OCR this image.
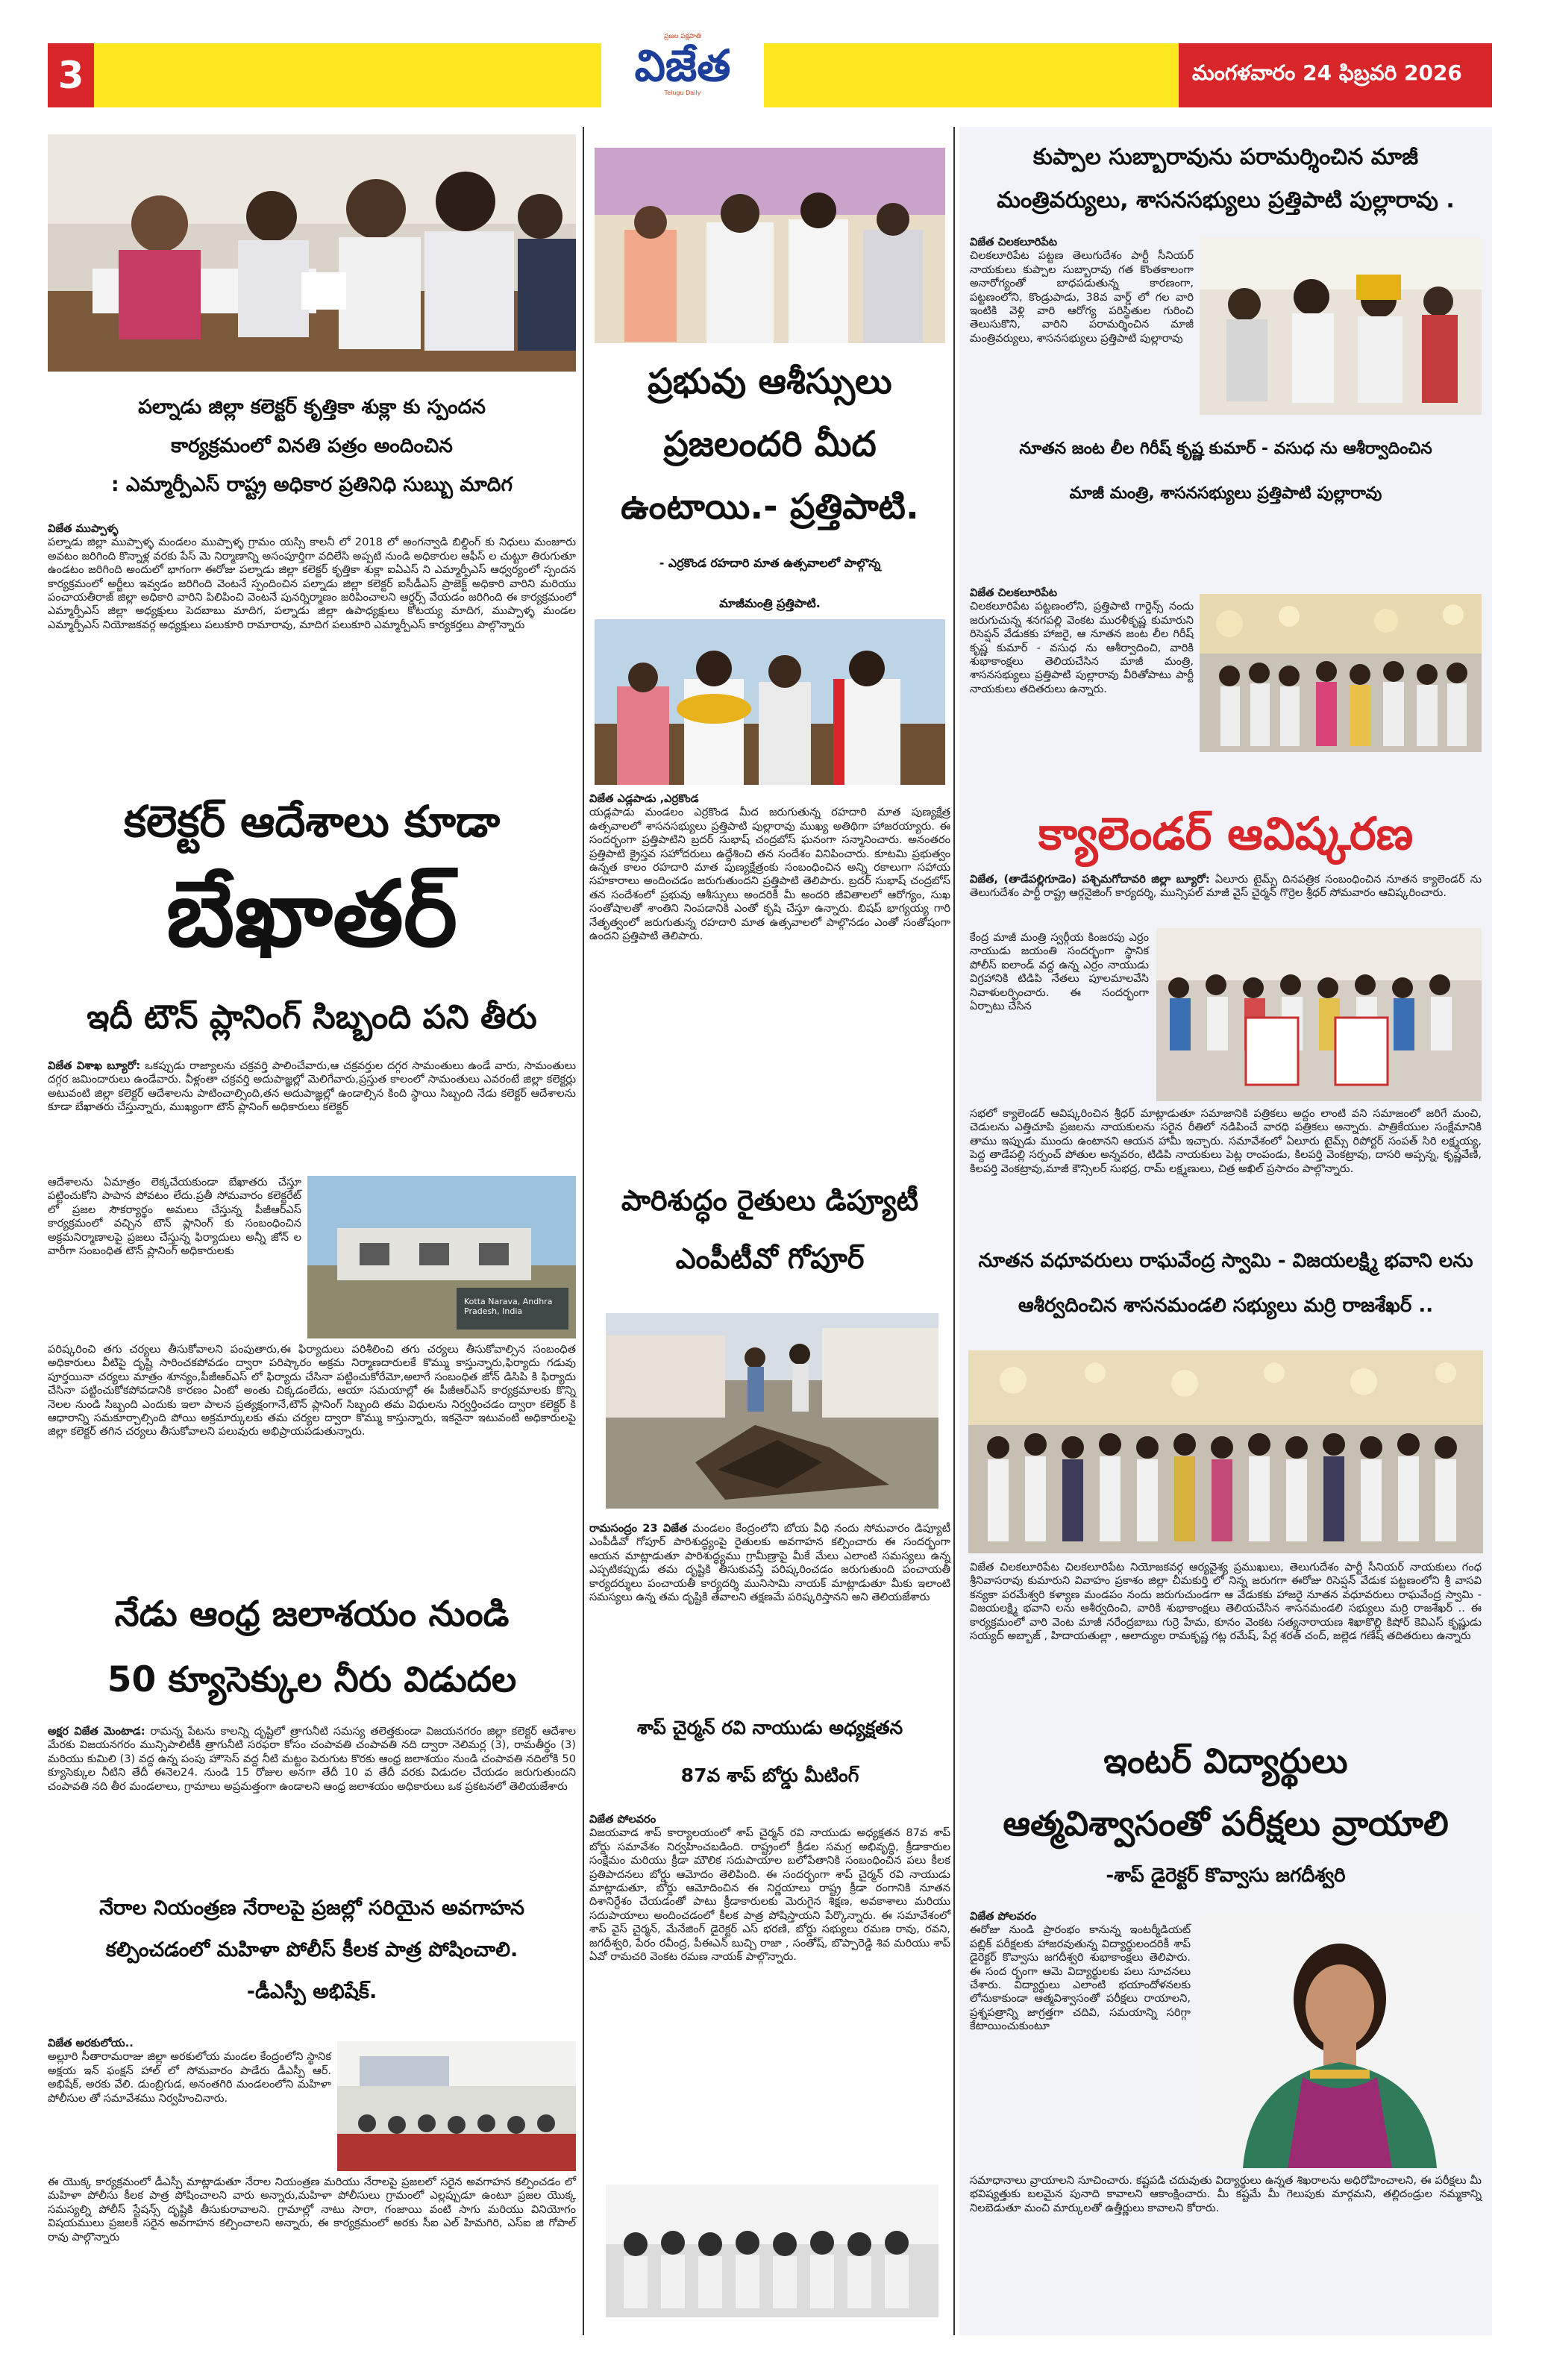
3
ప్రజల పక్షపాతి
విజేత
Telugu Daily
మంగళవారం 24 ఫిబ్రవరి 2026
పల్నాడు జిల్లా కలెక్టర్ కృత్తికా శుక్లా కు స్పందన
కార్యక్రమంలో వినతి పత్రం అందించిన
: ఎమ్మార్పీఎస్ రాష్ట్ర అధికార ప్రతినిధి సుబ్బు మాదిగ
విజేత ముప్పాళ్ళ
పల్నాడు జిల్లా ముప్పాళ్ళ మండలం ముప్పాళ్ళ గ్రామం యస్సి కాలనీ లో 2018 లో అంగన్వాడి బిల్డింగ్ కు నిధులు మంజూరు అవటం జరిగింది కొన్నాళ్ల వరకు పేస్ మె నిర్మాణాన్ని అసంపూర్తిగా వదిలేసి అప్పటి నుండి అధికారుల ఆఫీస్ ల చుట్టూ తిరుగుతూ ఉండటం జరిగింది అందులో భాగంగా ఈరోజు పల్నాడు జిల్లా కలెక్టర్ కృత్తికా శుక్లా ఐఏఎస్ ని ఎమ్మార్పీఎస్ ఆధ్వర్యంలో స్పందన కార్యక్రమంలో అర్జీలు ఇవ్వడం జరిగింది వెంటనే స్పందించిన పల్నాడు జిల్లా కలెక్టర్ ఐసీడీఎస్ ప్రాజెక్ట్ అధికారి వారిని మరియు పంచాయతీరాజ్ జిల్లా అధికారి వారిని పిలిపించి వెంటనే పునర్నిర్మాణం జరిపించాలని ఆర్డర్స్ వేయడం జరిగింది ఈ కార్యక్రమంలో ఎమ్మార్పీఎస్ జిల్లా అధ్యక్షులు పెదబాబు మాదిగ, పల్నాడు జిల్లా ఉపాధ్యక్షులు కోటయ్య మాదిగ, ముప్పాళ్ళ మండల ఎమ్మార్పీఎస్ నియోజకవర్గ అధ్యక్షులు పలుకూరి రామారావు, మాదిగ పలుకూరి ఎమ్మార్పీఎస్ కార్యకర్తలు పాల్గొన్నారు
కలెక్టర్ ఆదేశాలు కూడా
బేఖాతర్
ఇదీ టౌన్ ప్లానింగ్ సిబ్బంది పని తీరు
విజేత విశాఖ బ్యూరో: ఒకప్పుడు రాజ్యాలను చక్రవర్తి పాలించేవారు,ఆ చక్రవర్తుల దగ్గర సామంతులు ఉండే వారు, సామంతులు దగ్గర జమిందారులు ఉండేవారు. వీళ్లంతా చక్రవర్తి అదుపాజ్ఞల్లో మెలిగేవారు,ప్రస్తుత కాలంలో సామంతులు ఎవరంటే జిల్లా కలెక్టర్లు అటువంటి జిల్లా కలెక్టర్ ఆదేశాలను పాటించాల్సింది,తన అదుపాజ్ఞల్లో ఉండాల్సిన కింది స్థాయి సిబ్బంది నేడు కలెక్టర్ ఆదేశాలను కూడా బేఖాతరు చేస్తున్నారు, ముఖ్యంగా టౌన్ ప్లానింగ్ అధికారులు కలెక్టర్
ఆదేశాలను ఏమాత్రం లెక్కచేయకుండా బేఖాతరు చేస్తూ పట్టించుకోని పాపాన పోవటం లేదు.ప్రతీ సోమవారం కలెక్టరేట్ లో ప్రజల సౌకర్యార్థం అమలు చేస్తున్న పీజీఆర్ఎస్ కార్యక్రమంలో వచ్చిన టౌన్ ప్లానింగ్ కు సంబంధించిన అక్రమనిర్మాణాలపై ప్రజలు చేస్తున్న ఫిర్యాదులు అన్నీ జోన్ ల వారీగా సంబంధిత టౌన్ ప్లానింగ్ అధికారులకు
Kotta Narava, Andhra Pradesh, India
పరిష్కరించి తగు చర్యలు తీసుకోవాలని పంపుతారు,ఈ ఫిర్యాదులు పరిశీలించి తగు చర్యలు తీసుకోవాల్సిన సంబంధిత అధికారులు వీటిపై దృష్టి సారించకపోవడం ద్వారా పరిష్కారం అక్రమ నిర్మాణదారులకే కొమ్ము కాస్తున్నారు,ఫిర్యాదు గడువు పూర్తయినా చర్యలు మాత్రం శూన్యం,పీజీఆర్ఎస్ లో ఫిర్యాదు చేసినా పట్టించుకోరేమో,అలాగే సంబంధిత జోన్ డిసిపి కి ఫిర్యాదు చేసినా పట్టించుకోకపోవడానికి కారణం ఏంటో అంతు చిక్కడంలేదు, ఆయా సమయాల్లో ఈ పీజీఆర్ఎస్ కార్యక్రమాలకు కొన్ని నెలల నుండి సిబ్బంది ఎందుకు ఇలా పాలన ప్రత్యక్షంగానే,టౌన్ ప్లానింగ్ సిబ్బంది తమ విధులను నిర్వర్తించడం ద్వారా కలెక్టర్ కి ఆధారాన్ని సమకూర్చాల్సింది పోయి అక్రమార్కులకు తమ చర్యల ద్వారా కొమ్ము కాస్తున్నారు, ఇకనైనా ఇటువంటి అధికారులపై జిల్లా కలెక్టర్ తగిన చర్యలు తీసుకోవాలని పలువురు అభిప్రాయపడుతున్నారు.
నేడు ఆంధ్ర జలాశయం నుండి
50 క్యూసెక్కుల నీరు విడుదల
అక్షర విజేత మెంటాడ: రామన్న పేటను కాలన్ని దృష్టిలో త్రాగునీటి సమస్య తలెత్తకుండా విజయనగరం జిల్లా కలెక్టర్ ఆదేశాల మేరకు విజయనగరం మున్సిపాలిటీకి త్రాగునీటి సరఫరా కోసం చంపావతి చంపావతి నది ద్వారా నెలిమర్ల (3), రామతీర్థం (3) మరియు కుమిలి (3) వద్ద ఉన్న పంపు హౌసెస్ వద్ద నీటి మట్టం పెరుగుట కొరకు ఆంధ్ర జలాశయం నుండి చంపావతి నదిలోకి 50 క్యూసెక్కుల నీటిని తేదీ ఈనెల24. నుండి 15 రోజుల అనగా తేదీ 10 వ తేదీ వరకు విడుదల చేయడం జరుగుతుందని చంపావతి నది తీర మండలాలు, గ్రామాలు అప్రమత్తంగా ఉండాలని ఆంధ్ర జలాశయం అధికారులు ఒక ప్రకటనలో తెలియజేశారు
నేరాల నియంత్రణ నేరాలపై ప్రజల్లో సరియైన అవగాహన
కల్పించడంలో మహిళా పోలీస్ కీలక పాత్ర పోషించాలి.
-డీఎస్పీ అభిషేక్.
విజేత అరకులోయ..
అల్లూరి సీతారామరాజు జిల్లా అరకులోయ మండల కేంద్రంలోని స్థానిక అక్షయ ఇన్ ఫంక్షన్ హాల్ లో సోమవారం పాడేరు డీఎస్పీ ఆర్. అభిషేక్, అరకు వేలి. డుంబ్రిగుడ, అనంతగిరి మండలంలోని మహిళా పోలీసుల తో సమావేశము నిర్వహించినారు.
ఈ యొక్క కార్యక్రమంలో డీఎస్పీ మాట్లాడుతూ నేరాల నియంత్రణ మరియు నేరాలపై ప్రజలలో సరైన అవగాహన కల్పించడం లో మహిళా పోలీసు కీలక పాత్ర పోషించాలని వారు అన్నారు,మహిళా పోలీసులు గ్రామంలో ఎల్లప్పుడూ ఉంటూ ప్రజల యొక్క సమస్యల్ని పోలీస్ స్టేషన్స్ దృష్టికి తీసుకురావాలని. గ్రామాల్లో నాటు సారా, గంజాయి వంటి సాగు మరియు వినియోగం విషయములు ప్రజలకి సరైన అవగాహన కల్పించాలని అన్నారు, ఈ కార్యక్రమంలో అరకు సీఐ ఎల్ హిమగిరి, ఎస్ఐ జి గోపాల్ రావు పాల్గొన్నారు
ప్రభువు ఆశీస్సులు
ప్రజలందరి మీద
ఉంటాయి.- ప్రత్తిపాటి.
- ఎర్రకొండ రహదారి మాత ఉత్సవాలలో పాల్గొన్న
మాజీమంత్రి ప్రత్తిపాటి.
విజేత ఎడ్లపాడు ,ఎర్రకొండ
యడ్లపాడు మండలం ఎర్రకొండ మీద జరుగుతున్న రహదారి మాత పుణ్యక్షేత్ర ఉత్సవాలలో శాసనసభ్యులు ప్రత్తిపాటి పుల్లారావు ముఖ్య అతిథిగా హాజరయ్యారు. ఈ సందర్భంగా ప్రత్తిపాటిని బ్రదర్ సుభాష్ చంద్రబోస్ ఘనంగా సన్మానించారు. అనంతరం ప్రత్తిపాటి క్రైస్తవ సహోదరులు ఉద్దేశించి తన సందేశం వినిపించారు. కూటమి ప్రభుత్వం ఉన్నత కాలం రహదారి మాత పుణ్యక్షేత్రంకు సంబంధించిన అన్ని రకాలుగా సహాయ సహకారాలు అందించడం జరుగుతుందని ప్రత్తిపాటి తెలిపారు. బ్రదర్ సుభాష్ చంద్రబోస్ తన సందేశంలో ప్రభువు ఆశీస్సులు అందరికీ మీ అందరి జీవితాలలో ఆరోగ్యం, సుఖ సంతోషాలతో శాంతిని నింపడానికి ఎంతో కృషి చేస్తూ ఉన్నారు. బిషప్ భాగ్యయ్య గారి నేతృత్వంలో జరుగుతున్న రహదారి మాత ఉత్సవాలలో పాల్గొనడం ఎంతో సంతోషంగా ఉందని ప్రత్తిపాటి తెలిపారు.
పారిశుద్ధం రైతులు డిప్యూటీ
ఎంపీటీవో గోపూర్
రామసంద్రం 23 విజేత మండలం కేంద్రంలోని బోయ వీధి నందు సోమవారం డిప్యూటీ ఎంపీడీవో గోపూర్ పారిశుద్ధ్యంపై రైతులకు అవగాహన కల్పించారు ఈ సందర్భంగా ఆయన మాట్లాడుతూ పారిశుద్ధ్యము గ్రామీణ్రాపై మీకే మేలు ఎలాంటి సమస్యలు ఉన్న ఎప్పటికప్పుడు తమ దృష్టికి తీసుకువస్తే పరిష్కరించడం జరుగుతుంది పంచాయతీ కార్యదర్శులు పంచాయతీ కార్యదర్శి మునిసామి నాయక్ మాట్లాడుతూ మీకు ఇలాంటి సమస్యలు ఉన్న తమ దృష్టికి తేవాలని తక్షణమే పరిష్కరిస్తానని అని తెలియజేశారు
శాప్ చైర్మన్ రవి నాయుడు అధ్యక్షతన
87వ శాప్ బోర్డు మీటింగ్
విజేత పోలవరం
విజయవాడ శాప్ కార్యాలయంలో శాప్ చైర్మన్ రవి నాయుడు అధ్యక్షతన 87వ శాప్ బోర్డు సమావేశం నిర్వహించబడింది. రాష్ట్రంలో క్రీడల సమగ్ర అభివృద్ధి, క్రీడాకారుల సంక్షేమం మరియు క్రీడా మౌలిక సదుపాయాల బలోపేతానికి సంబంధించిన పలు కీలక ప్రతిపాదనలు బోర్డు ఆమోదం తెలిపింది. ఈ సందర్భంగా శాప్ చైర్మన్ రవి నాయుడు మాట్లాడుతూ, బోర్డు ఆమోదించిన ఈ నిర్ణయాలు రాష్ట్ర క్రీడా రంగానికి నూతన దిశానిర్దేశం చేయడంతో పాటు క్రీడాకారులకు మెరుగైన శిక్షణ, అవకాశాలు మరియు సదుపాయాలు అందించడంలో కీలక పాత్ర పోషిస్తాయని పేర్కొన్నారు. ఈ సమావేశంలో శాప్ వైస్ చైర్మన్, మేనేజింగ్ డైరెక్టర్ ఎస్ భరణి, బోర్డు సభ్యులు రమణ రావు, రవని, జగదీశ్వరి, పేరం రవీంద్ర, పీఈఎన్ బుచ్చి రాజా , సంతోష్, బొప్పారెడ్డి శివ మరియు శాప్ ఏవో రామచరి వెంకట రమణ నాయక్ పాల్గొన్నారు.
కుప్పాల సుబ్బారావును పరామర్శించిన మాజీ
మంత్రివర్యులు, శాసనసభ్యులు ప్రత్తిపాటి పుల్లారావు .
విజేత చిలకలూరిపేట
చిలకలూరిపేట పట్టణ తెలుగుదేశం పార్టీ సీనియర్ నాయకులు కుప్పాల సుబ్బారావు గత కొంతకాలంగా అనారోగ్యంతో బాధపడుతున్న కారణంగా, పట్టణంలోని, కొండ్రుపాడు, 38వ వార్డ్ లో గల వారి ఇంటికి వెళ్లి వారి ఆరోగ్య పరిస్థితుల గురించి తెలుసుకొని, వారిని పరామర్శించిన మాజీ మంత్రివర్యులు, శాసనసభ్యులు ప్రత్తిపాటి పుల్లారావు
నూతన జంట లీల గిరీష్ కృష్ణ కుమార్ - వసుధ ను ఆశీర్వాదించిన
మాజీ మంత్రి, శాసనసభ్యులు ప్రత్తిపాటి పుల్లారావు
విజేత చిలకలూరిపేట
చిలకలూరిపేట పట్టణంలోని, ప్రత్తిపాటి గార్డెన్స్ నందు జరుగుచున్న శనగపల్లి వెంకట మురళీకృష్ణ కుమారుని రిసెప్షన్ వేడుకకు హాజరై, ఆ నూతన జంట లీల గిరీష్ కృష్ణ కుమార్ - వసుధ ను ఆశీర్వాదించి, వారికి శుభాకాంక్షలు తెలియచేసిన మాజీ మంత్రి, శాసనసభ్యులు ప్రత్తిపాటి పుల్లారావు వీరితోపాటు పార్టీ నాయకులు తదితరులు ఉన్నారు.
క్యాలెండర్ ఆవిష్కరణ
విజేత, (తాడేపల్లిగూడెం) పశ్చిమగోదావరి జిల్లా బ్యూరో: ఏలూరు టైమ్స్ దినపత్రిక సంబంధించిన నూతన క్యాలెండర్ ను తెలుగుదేశం పార్టీ రాష్ట్ర ఆర్గనైజింగ్ కార్యదర్శి, మున్సిపల్ మాజీ వైస్ చైర్మన్ గొర్రెల శ్రీధర్ సోమవారం ఆవిష్కరించారు.
కేంద్ర మాజీ మంత్రి స్వర్గీయ కింజరపు ఎర్రం నాయుడు జయంతి సందర్భంగా స్థానిక పోలీస్ ఐలాండ్ వద్ద ఉన్న ఎర్రం నాయుడు విగ్రహానికి టిడిపి నేతలు పూలమాలవేసి నివాళులర్పించారు. ఈ సందర్భంగా ఏర్పాటు చేసిన
సభలో క్యాలెండర్ ఆవిష్కరించిన శ్రీధర్ మాట్లాడుతూ సమాజానికి పత్రికలు అద్దం లాంటి వని సమాజంలో జరిగే మంచి, చెడులను ఎత్తిచూపి ప్రజలను నాయకులను సరైన రీతిలో నడిపించే వారధి పత్రికలు అన్నారు. పాత్రికేయుల సంక్షేమానికి తాము ఇప్పుడు ముందు ఉంటానని ఆయన హామీ ఇచ్చారు. సమావేశంలో ఏలూరు టైమ్స్ రిపోర్టర్ సంపత్ సిరి లక్ష్మయ్య, పెద్ద తాడేపల్లి సర్పంచ్ పోతుల అన్నవరం, టిడిపి నాయకులు పెట్ల రాంపండు, కిలపర్తి వెంకట్రావు, దాసరి అప్పన్న, కృష్ణవేణి, కిలపర్తి వెంకట్రావు,మాజీ కౌన్సిలర్ సుభద్ర, రామ్ లక్ష్మణులు, చిత్ర అఖిల్ ప్రసాదం పాల్గొన్నారు.
నూతన వధూవరులు రాఘవేంద్ర స్వామి - విజయలక్ష్మి భవాని లను
ఆశీర్వదించిన శాసనమండలి సభ్యులు మర్రి రాజశేఖర్ ..
విజేత చిలకలూరిపేట చిలకలూరిపేట నియోజకవర్గ ఆర్యవైశ్య ప్రముఖులు, తెలుగుదేశం పార్టీ సీనియర్ నాయకులు గంధ శ్రీనివాసరావు కుమారుని వివాహం ప్రకాశం జిల్లా చీమకుర్తి లో నిన్న జరుగగా ఈరోజు రిసెప్షన్ వేడుక పట్టణంలోని శ్రీ వాసవి కన్యకా పరమేశ్వరి కళ్యాణ మండపం నందు జరుగుచుండగా ఆ వేడుకకు హాజరై నూతన వధూవరులు రాఘవేంద్ర స్వామి - విజయలక్ష్మి భవాని లను ఆశీర్వదించి, వారికి శుభాకాంక్షలు తెలియచేసిన శాసనమండలి సభ్యులు మర్రి రాజశేఖర్ .. ఈ కార్యక్రమంలో వారి వెంట మాజీ నరేంద్రబాబు గుర్రె హేమ, కూనం వెంకట సత్యనారాయణ శిఖాకొల్లి కిషోర్ కెవిఎస్ కృష్ణుడు సయ్యద్ అబ్బాజ్ , హిదాయతుల్లా , ఆలాద్యుల రామకృష్ణ గట్ల రమేష్, పేర్ల శరత్ చంద్, జల్లెడ గణేష్ తదితరులు ఉన్నారు
ఇంటర్ విద్యార్థులు
ఆత్మవిశ్వాసంతో పరీక్షలు వ్రాయాలి
-శాప్ డైరెక్టర్ కొవ్వాసు జగదీశ్వరి
విజేత పోలవరం
ఈరోజు నుండి ప్రారంభం కానున్న ఇంటర్మీడియట్ పబ్లిక్ పరీక్షలకు హాజరవుతున్న విద్యార్థులందరికీ శాప్ డైరెక్టర్ కొవ్వాసు జగదీశ్వరి శుభాకాంక్షలు తెలిపారు. ఈ సంద ర్భంగా ఆమె విద్యార్థులకు పలు సూచనలు చేశారు. విద్యార్థులు ఎలాంటి భయాందోళనలకు లోనుకాకుండా ఆత్మవిశ్వాసంతో పరీక్షలు రాయాలని, ప్రశ్నపత్రాన్ని జాగ్రత్తగా చదివి, సమయాన్ని సరిగ్గా కేటాయించుకుంటూ
సమాధానాలు వ్రాయాలని సూచించారు. కష్టపడి చదువుతు విద్యార్థులు ఉన్నత శిఖరాలను అధిరోహించాలని, ఈ పరీక్షలు మీ భవిష్యత్తుకు బలమైన పునాది కావాలని ఆకాంక్షించారు. మీ కష్టమే మీ గెలుపుకు మార్గమని, తల్లిదండ్రుల నమ్మకాన్ని నిలబెడుతూ మంచి మార్కులతో ఉత్తీర్ణులు కావాలని కోరారు.
